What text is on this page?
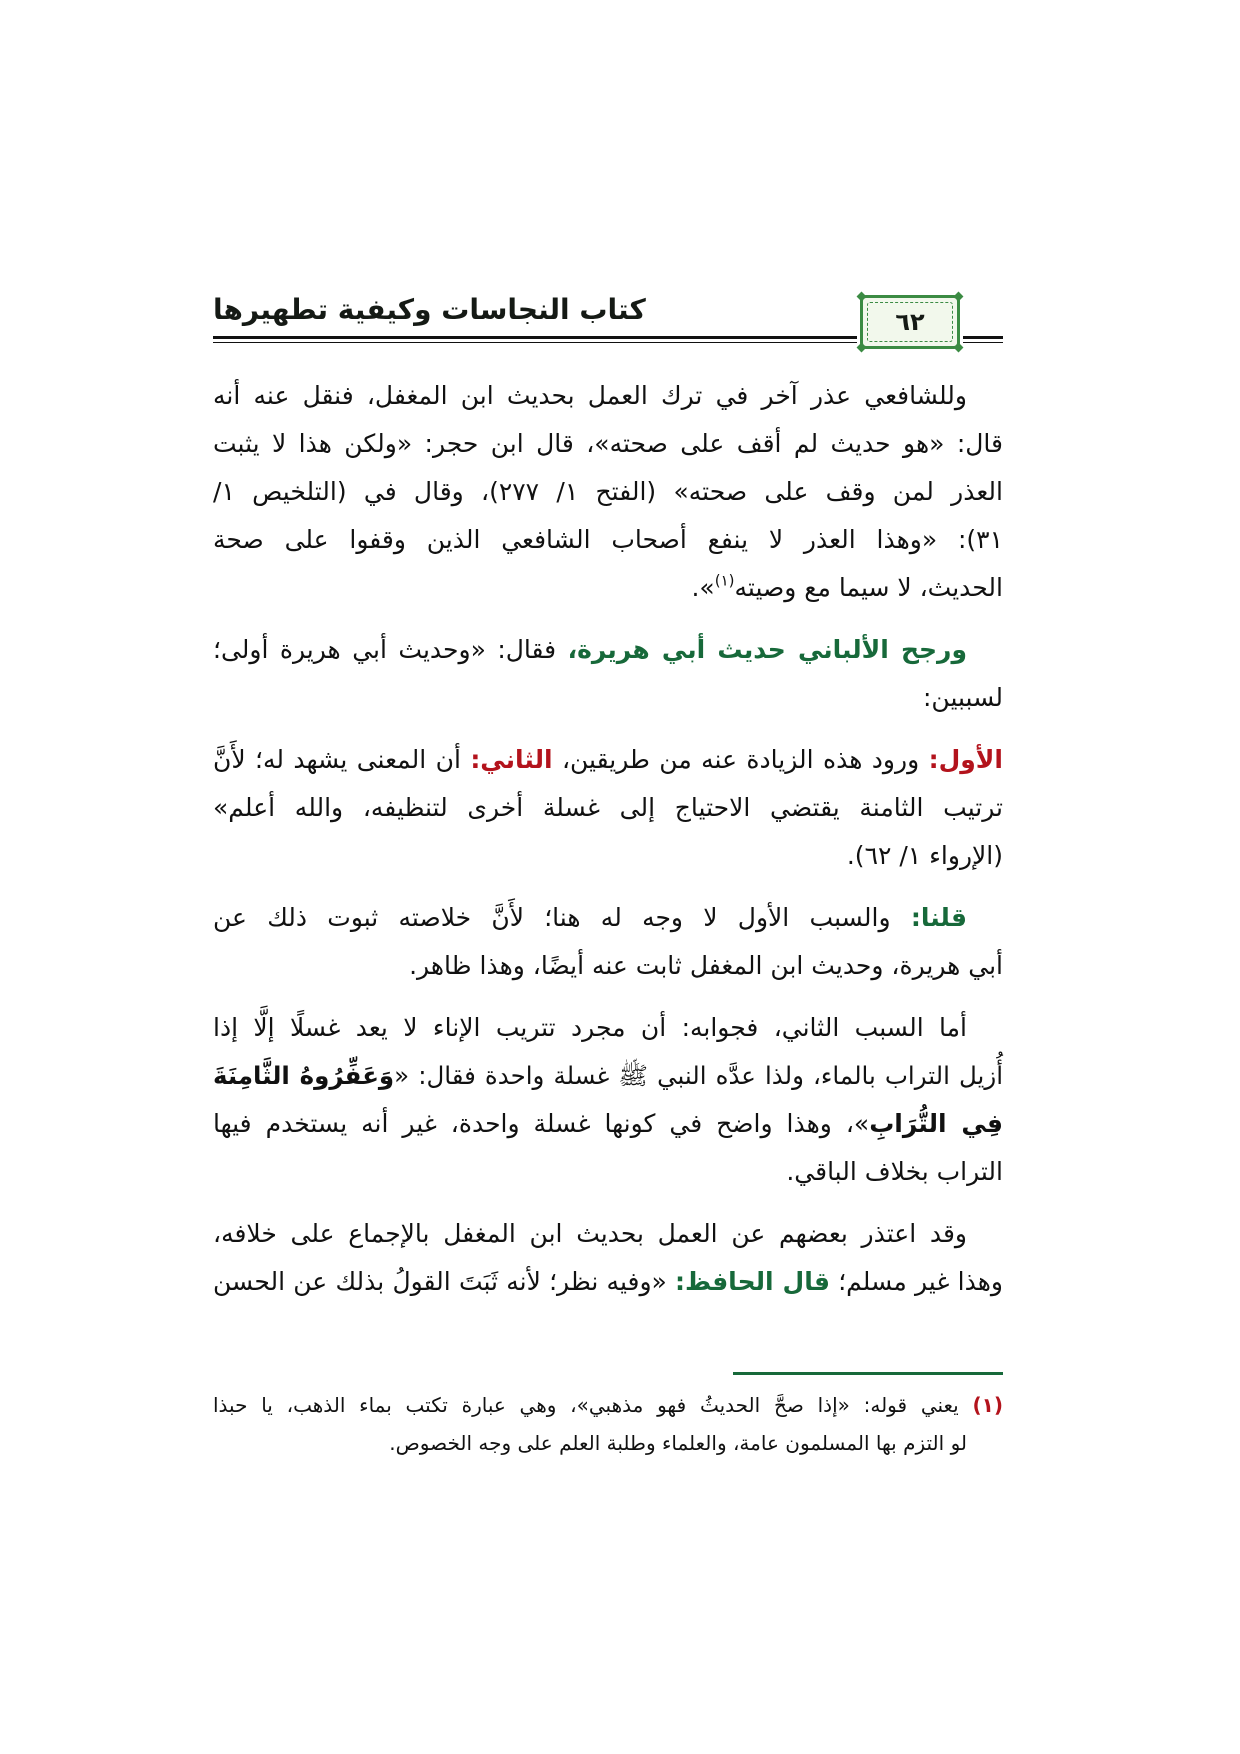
كتاب النجاسات وكيفية تطهيرها	٦٢
وللشافعي عذر آخر في ترك العمل بحديث ابن المغفل، فنقل عنه أنه
قال: «هو حديث لم أقف على صحته»، قال ابن حجر: «ولكن هذا لا يثبت
العذر لمن وقف على صحته» (الفتح ١/ ٢٧٧)، وقال في (التلخيص ١/
٣١): «وهذا العذر لا ينفع أصحاب الشافعي الذين وقفوا على صحة
الحديث، لا سيما مع وصيته$^{(١)}$».
ورجح الألباني حديث أبي هريرة، فقال: «وحديث أبي هريرة أولى؛
لسببين:
الأول: ورود هذه الزيادة عنه من طريقين، الثاني: أن المعنى يشهد له؛ لأَنَّ
ترتيب الثامنة يقتضي الاحتياج إلى غسلة أخرى لتنظيفه، والله أعلم»
(الإرواء ١/ ٦٢).
قلنا: والسبب الأول لا وجه له هنا؛ لأَنَّ خلاصته ثبوت ذلك عن
أبي هريرة، وحديث ابن المغفل ثابت عنه أيضًا، وهذا ظاهر.
أما السبب الثاني، فجوابه: أن مجرد تتريب الإناء لا يعد غسلًا إلَّا إذا
أُزيل التراب بالماء، ولذا عدَّه النبي ﷺ غسلة واحدة فقال: «وَعَفِّرُوهُ الثَّامِنَةَ
فِي التُّرَابِ»، وهذا واضح في كونها غسلة واحدة، غير أنه يستخدم فيها
التراب بخلاف الباقي.
وقد اعتذر بعضهم عن العمل بحديث ابن المغفل بالإجماع على خلافه،
وهذا غير مسلم؛ قال الحافظ: «وفيه نظر؛ لأنه ثَبَتَ القولُ بذلك عن الحسن
(١) يعني قوله: «إذا صحَّ الحديثُ فهو مذهبي»، وهي عبارة تكتب بماء الذهب، يا حبذا
لو التزم بها المسلمون عامة، والعلماء وطلبة العلم على وجه الخصوص.
